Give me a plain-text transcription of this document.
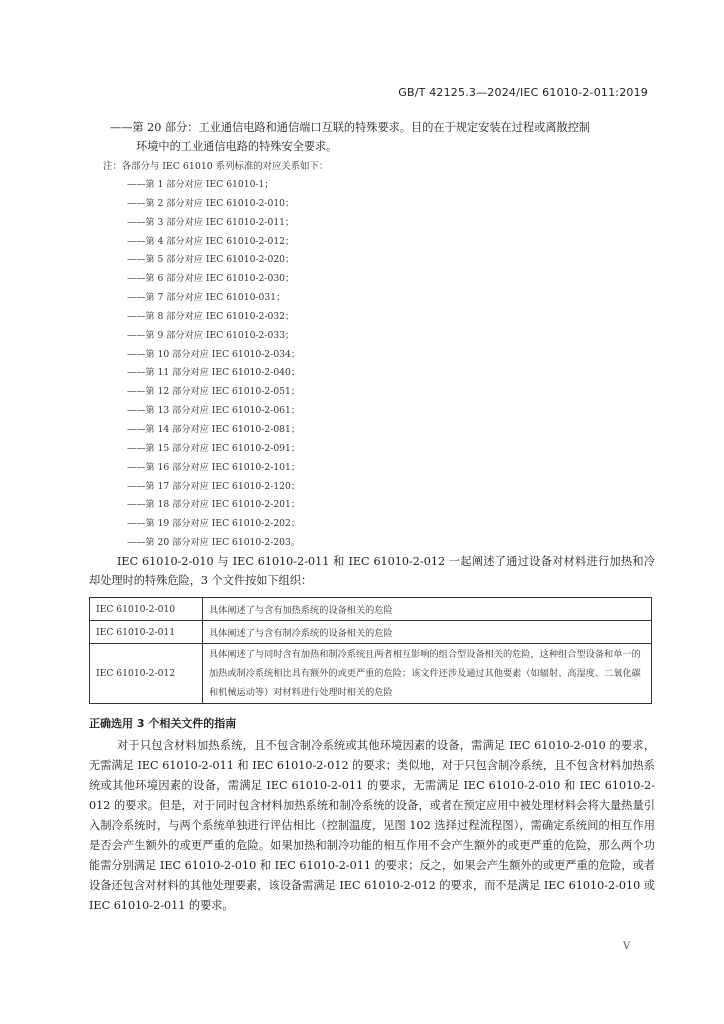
GB/T 42125.3—2024/IEC 61010-2-011:2019
——第 20 部分：工业通信电路和通信端口互联的特殊要求。目的在于规定安装在过程或离散控制
环境中的工业通信电路的特殊安全要求。
注：各部分与 IEC 61010 系列标准的对应关系如下：
——第 1 部分对应 IEC 61010-1；
——第 2 部分对应 IEC 61010-2-010；
——第 3 部分对应 IEC 61010-2-011；
——第 4 部分对应 IEC 61010-2-012；
——第 5 部分对应 IEC 61010-2-020；
——第 6 部分对应 IEC 61010-2-030；
——第 7 部分对应 IEC 61010-031；
——第 8 部分对应 IEC 61010-2-032；
——第 9 部分对应 IEC 61010-2-033；
——第 10 部分对应 IEC 61010-2-034；
——第 11 部分对应 IEC 61010-2-040；
——第 12 部分对应 IEC 61010-2-051；
——第 13 部分对应 IEC 61010-2-061；
——第 14 部分对应 IEC 61010-2-081；
——第 15 部分对应 IEC 61010-2-091；
——第 16 部分对应 IEC 61010-2-101；
——第 17 部分对应 IEC 61010-2-120；
——第 18 部分对应 IEC 61010-2-201；
——第 19 部分对应 IEC 61010-2-202；
——第 20 部分对应 IEC 61010-2-203。
IEC 61010-2-010 与 IEC 61010-2-011 和 IEC 61010-2-012 一起阐述了通过设备对材料进行加热和冷却处理时的特殊危险，3 个文件按如下组织：
IEC 61010-2-010	具体阐述了与含有加热系统的设备相关的危险
IEC 61010-2-011	具体阐述了与含有制冷系统的设备相关的危险
IEC 61010-2-012	具体阐述了与同时含有加热和制冷系统且两者相互影响的组合型设备相关的危险，这种组合型设备和单一的加热或制冷系统相比具有额外的或更严重的危险；该文件还涉及通过其他要素（如辐射、高湿度、二氧化碳和机械运动等）对材料进行处理时相关的危险
正确选用 3 个相关文件的指南
对于只包含材料加热系统，且不包含制冷系统或其他环境因素的设备，需满足 IEC 61010-2-010 的要求，无需满足 IEC 61010-2-011 和 IEC 61010-2-012 的要求；类似地，对于只包含制冷系统，且不包含材料加热系统或其他环境因素的设备，需满足 IEC 61010-2-011 的要求，无需满足 IEC 61010-2-010 和 IEC 61010-2-012 的要求。但是，对于同时包含材料加热系统和制冷系统的设备，或者在预定应用中被处理材料会将大量热量引入制冷系统时，与两个系统单独进行评估相比（控制温度，见图 102 选择过程流程图），需确定系统间的相互作用是否会产生额外的或更严重的危险。如果加热和制冷功能的相互作用不会产生额外的或更严重的危险，那么两个功能需分别满足 IEC 61010-2-010 和 IEC 61010-2-011 的要求；反之，如果会产生额外的或更严重的危险，或者设备还包含对材料的其他处理要素，该设备需满足 IEC 61010-2-012 的要求，而不是满足 IEC 61010-2-010 或 IEC 61010-2-011 的要求。
V
